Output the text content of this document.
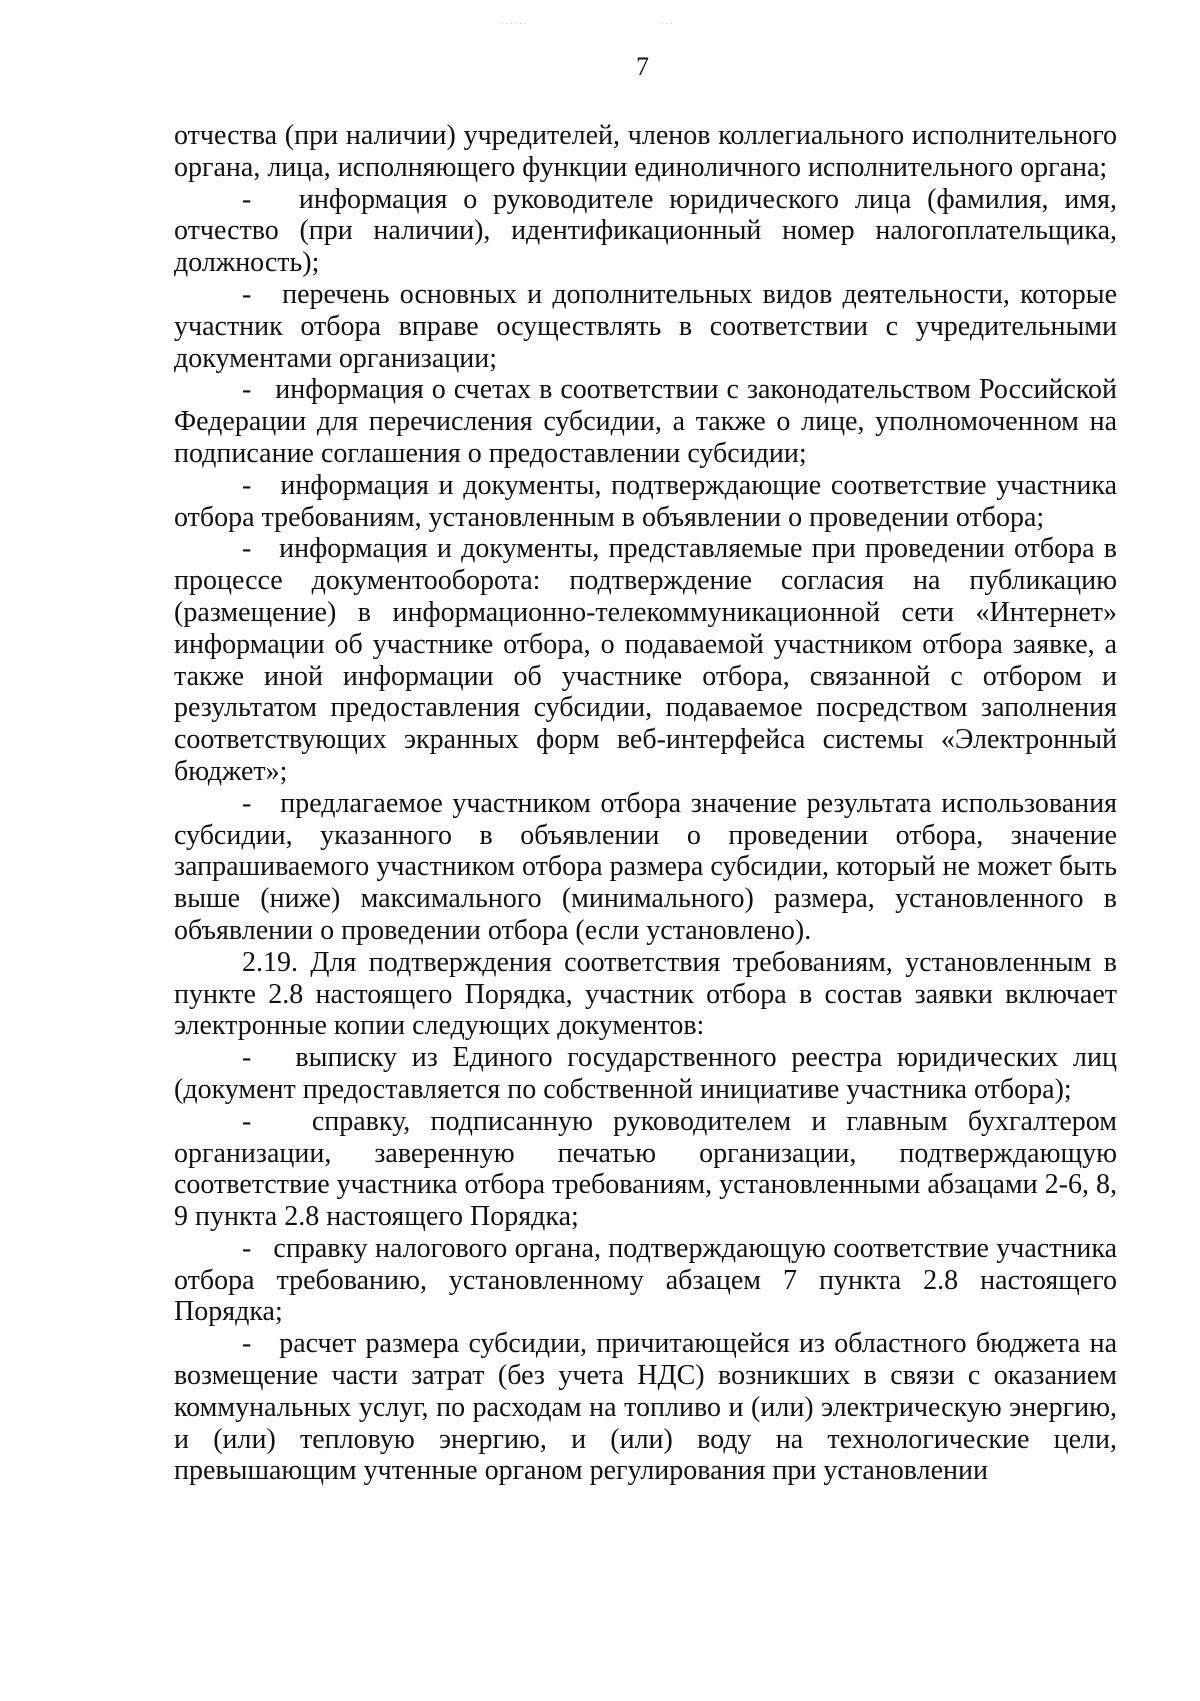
······	···
7

отчества (при наличии) учредителей, членов коллегиального исполнительного органа, лица, исполняющего функции единоличного исполнительного органа;

-   информация о руководителе юридического лица (фамилия, имя, отчество (при наличии), идентификационный номер налогоплательщика, должность);

-   перечень основных и дополнительных видов деятельности, которые участник отбора вправе осуществлять в соответствии с учредительными документами организации;

-   информация о счетах в соответствии с законодательством Российской Федерации для перечисления субсидии, а также о лице, уполномоченном на подписание соглашения о предоставлении субсидии;

-   информация и документы, подтверждающие соответствие участника отбора требованиям, установленным в объявлении о проведении отбора;

-   информация и документы, представляемые при проведении отбора в процессе документооборота: подтверждение согласия на публикацию (размещение) в информационно-телекоммуникационной сети «Интернет» информации об участнике отбора, о подаваемой участником отбора заявке, а также иной информации об участнике отбора, связанной с отбором и результатом предоставления субсидии, подаваемое посредством заполнения соответствующих экранных форм веб-интерфейса системы «Электронный бюджет»;

-   предлагаемое участником отбора значение результата использования субсидии, указанного в объявлении о проведении отбора, значение запрашиваемого участником отбора размера субсидии, который не может быть выше (ниже) максимального (минимального) размера, установленного в объявлении о проведении отбора (если установлено).

2.19. Для подтверждения соответствия требованиям, установленным в пункте 2.8 настоящего Порядка, участник отбора в состав заявки включает электронные копии следующих документов:

-   выписку из Единого государственного реестра юридических лиц (документ предоставляется по собственной инициативе участника отбора);

-   справку, подписанную руководителем и главным бухгалтером организации, заверенную печатью организации, подтверждающую соответствие участника отбора требованиям, установленными абзацами 2-6, 8, 9 пункта 2.8 настоящего Порядка;

-   справку налогового органа, подтверждающую соответствие участника отбора требованию, установленному абзацем 7 пункта 2.8 настоящего Порядка;

-   расчет размера субсидии, причитающейся из областного бюджета на возмещение части затрат (без учета НДС) возникших в связи с оказанием коммунальных услуг, по расходам на топливо и (или) электрическую энергию, и (или) тепловую энергию, и (или) воду на технологические цели, превышающим учтенные органом регулирования при установлении
